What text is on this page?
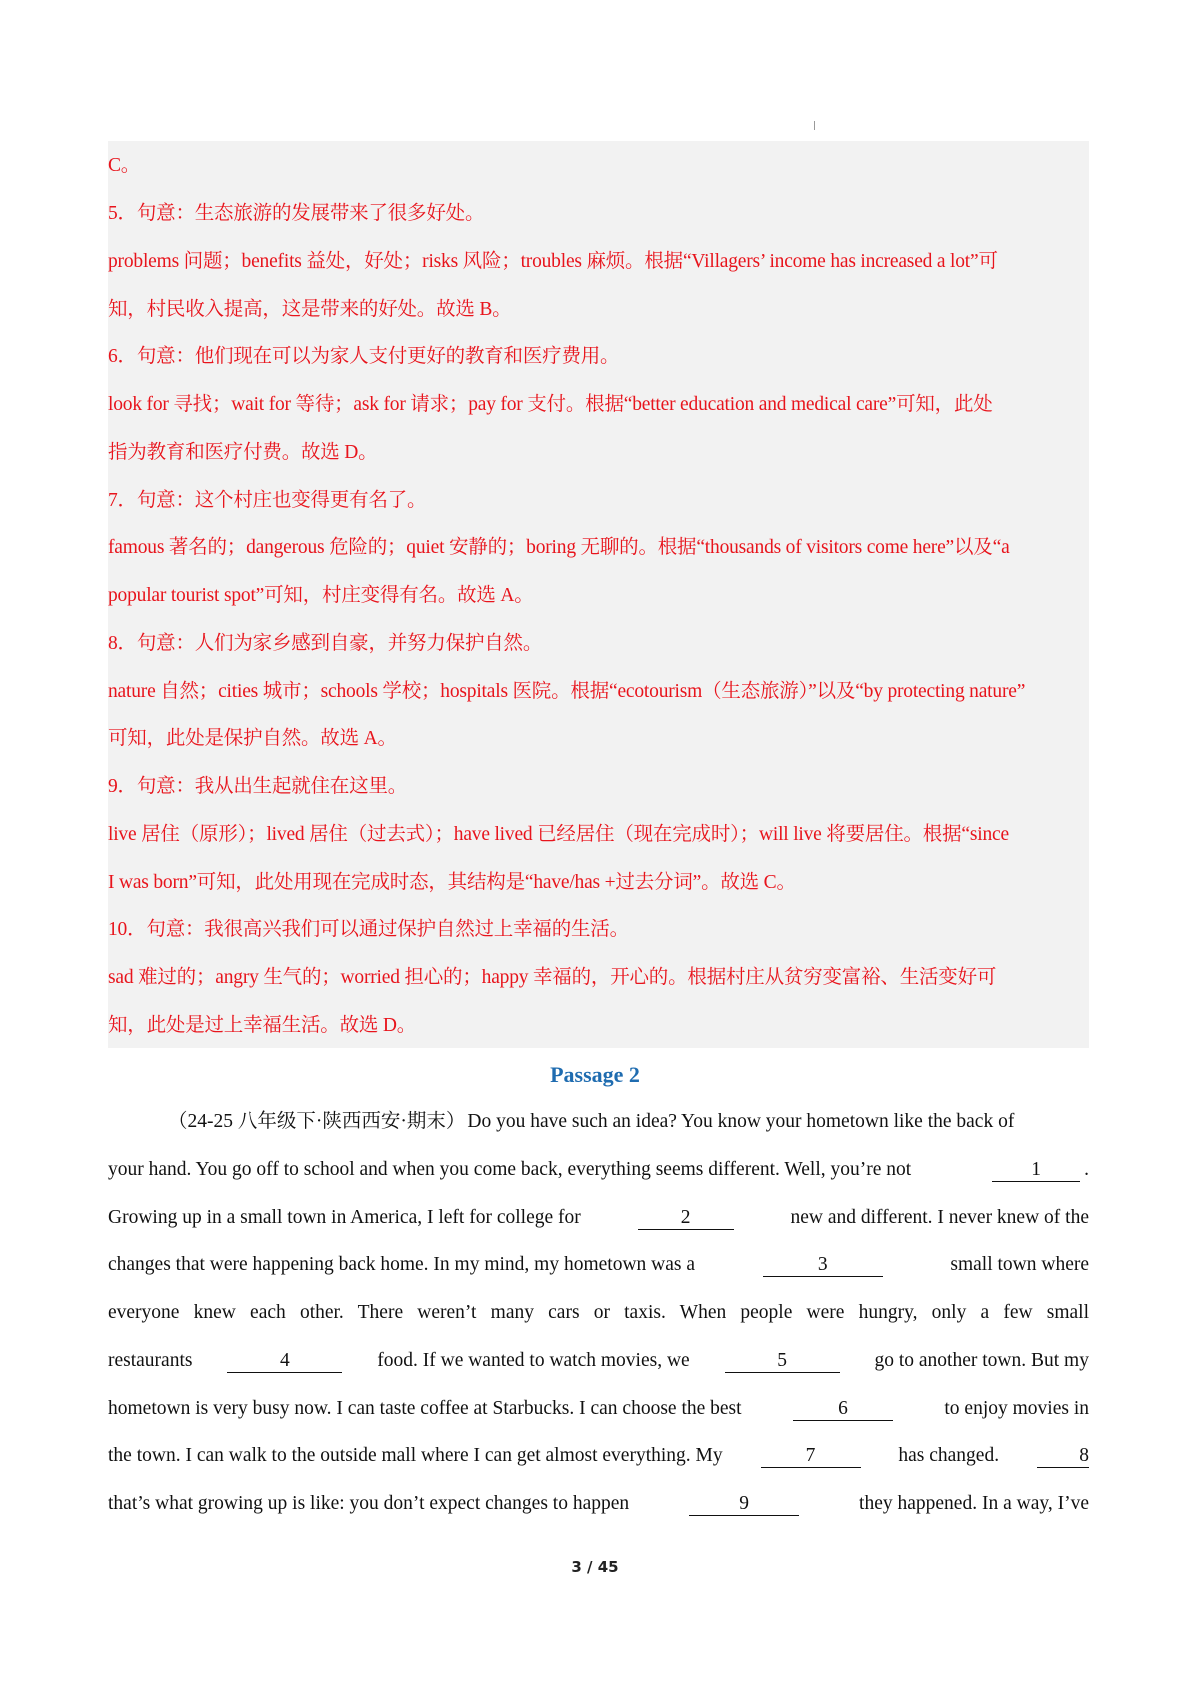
C。
5．句意：生态旅游的发展带来了很多好处。
problems 问题；benefits 益处，好处；risks 风险；troubles 麻烦。根据“Villagers’ income has increased a lot”可
知，村民收入提高，这是带来的好处。故选 B。
6．句意：他们现在可以为家人支付更好的教育和医疗费用。
look for 寻找；wait for 等待；ask for 请求；pay for 支付。根据“better education and medical care”可知，此处
指为教育和医疗付费。故选 D。
7．句意：这个村庄也变得更有名了。
famous 著名的；dangerous 危险的；quiet 安静的；boring 无聊的。根据“thousands of visitors come here”以及“a
popular tourist spot”可知，村庄变得有名。故选 A。
8．句意：人们为家乡感到自豪，并努力保护自然。
nature 自然；cities 城市；schools 学校；hospitals 医院。根据“ecotourism（生态旅游）”以及“by protecting nature”
可知，此处是保护自然。故选 A。
9．句意：我从出生起就住在这里。
live 居住（原形）；lived 居住（过去式）；have lived 已经居住（现在完成时）；will live 将要居住。根据“since
I was born”可知，此处用现在完成时态，其结构是“have/has +过去分词”。故选 C。
10．句意：我很高兴我们可以通过保护自然过上幸福的生活。
sad 难过的；angry 生气的；worried 担心的；happy 幸福的，开心的。根据村庄从贫穷变富裕、生活变好可
知，此处是过上幸福生活。故选 D。
Passage 2
（24-25 八年级下·陕西西安·期末） Do you have such an idea? You know your hometown like the back of
your hand. You go off to school and when you come back, everything seems different. Well, you’re not	1	.
Growing up in a small town in America, I left for college for	2	new and different. I never knew of the
changes that were happening back home. In my mind, my hometown was a	3	small town where
everyone knew each other. There weren’t many cars or taxis. When people were hungry, only a few small
restaurants	4	food. If we wanted to watch movies, we	5	go to another town. But my
hometown is very busy now. I can taste coffee at Starbucks. I can choose the best	6	to enjoy movies in
the town. I can walk to the outside mall where I can get almost everything. My	7	has changed.	8
that’s what growing up is like: you don’t expect changes to happen	9	they happened. In a way, I’ve
3 / 45
